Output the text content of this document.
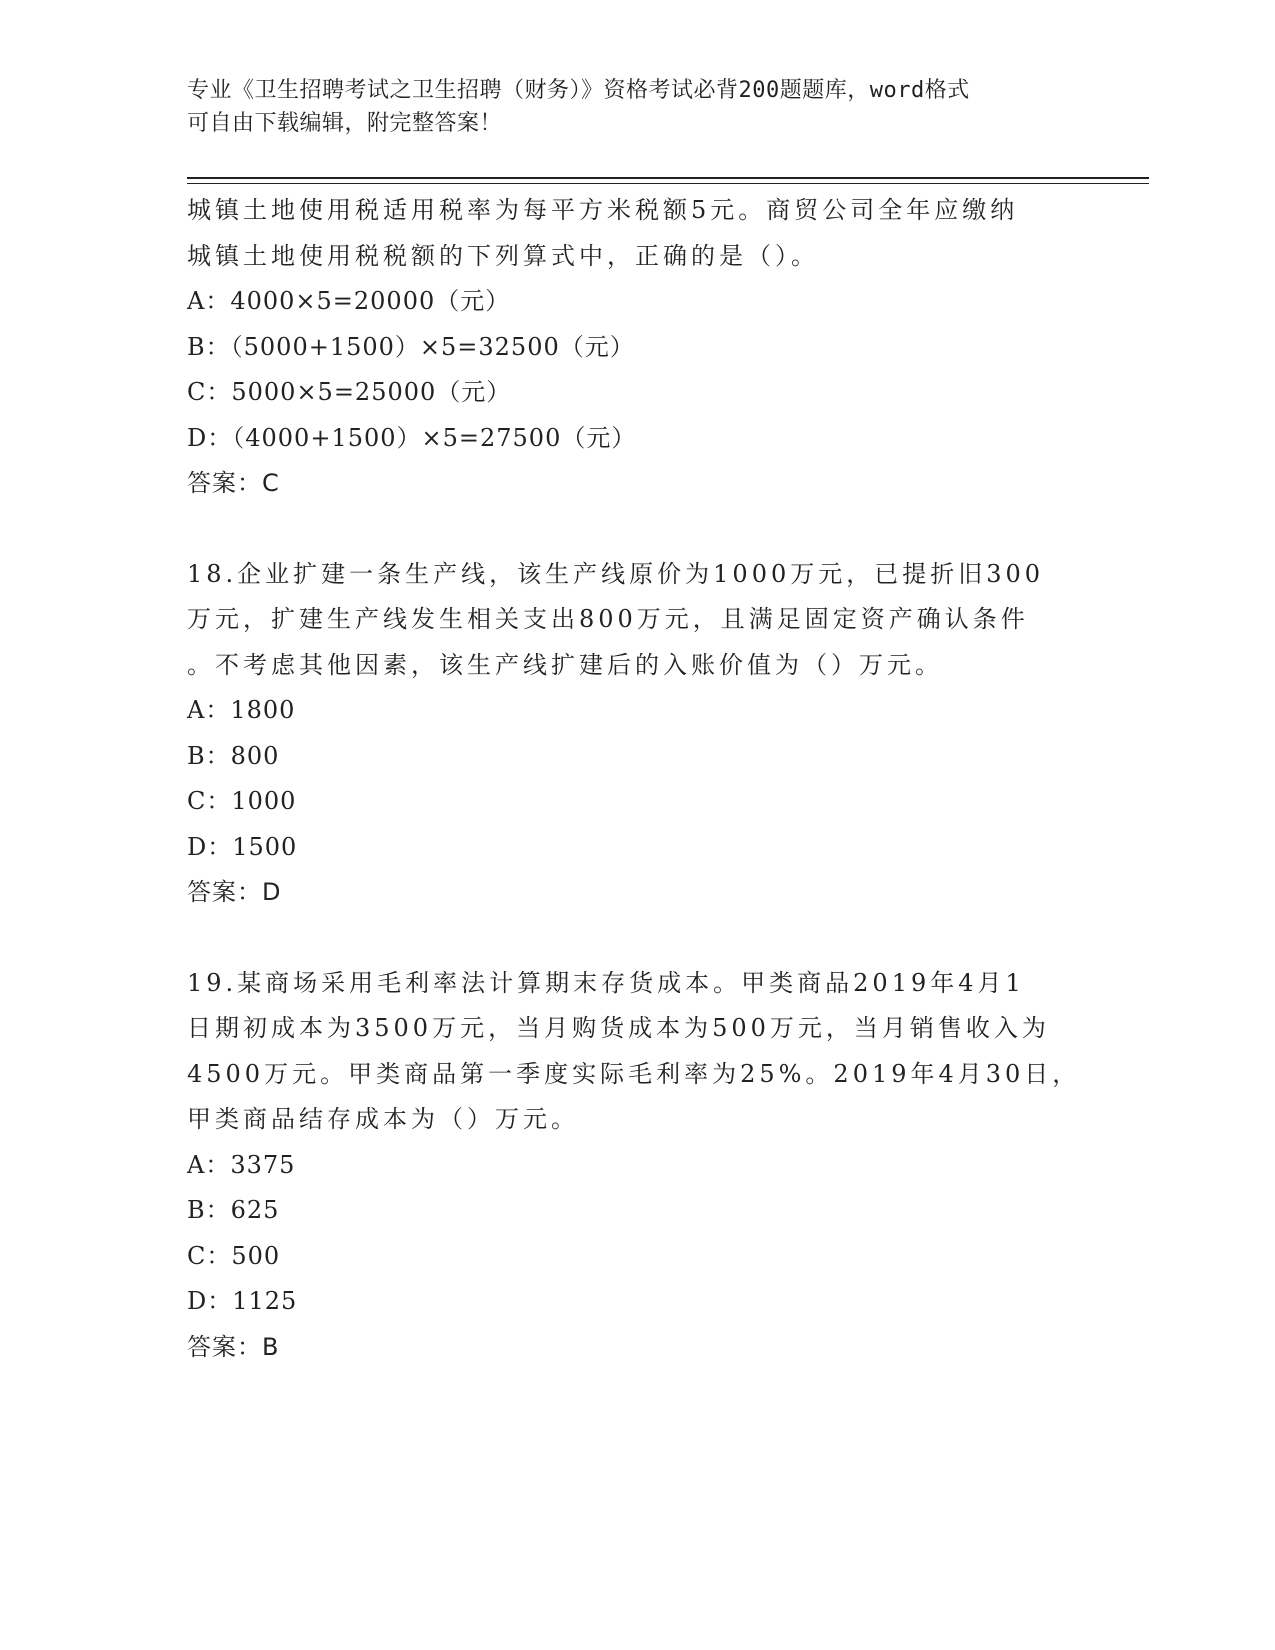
专业《卫生招聘考试之卫生招聘（财务）》资格考试必背200题题库，word格式
可自由下载编辑，附完整答案！
城镇土地使用税适用税率为每平方米税额5元。商贸公司全年应缴纳
城镇土地使用税税额的下列算式中，正确的是（）。
A：4000×5=20000（元）
B：（5000+1500）×5=32500（元）
C：5000×5=25000（元）
D：（4000+1500）×5=27500（元）
答案：C
18.企业扩建一条生产线，该生产线原价为1000万元，已提折旧300
万元，扩建生产线发生相关支出800万元，且满足固定资产确认条件
。不考虑其他因素，该生产线扩建后的入账价值为（）万元。
A：1800
B：800
C：1000
D：1500
答案：D
19.某商场采用毛利率法计算期末存货成本。甲类商品2019年4月1
日期初成本为3500万元，当月购货成本为500万元，当月销售收入为
4500万元。甲类商品第一季度实际毛利率为25%。2019年4月30日，
甲类商品结存成本为（）万元。
A：3375
B：625
C：500
D：1125
答案：B
